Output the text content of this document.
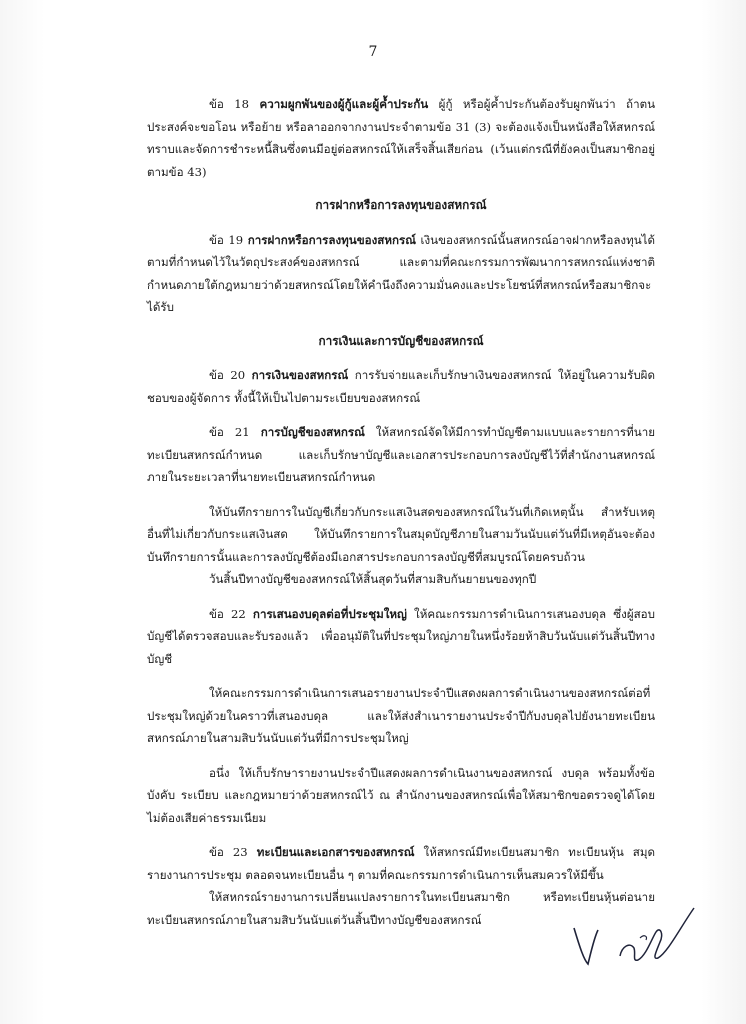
7

ข้อ 18 ความผูกพันของผู้กู้และผู้ค้ำประกัน ผู้กู้ หรือผู้ค้ำประกันต้องรับผูกพันว่า ถ้าตนประสงค์จะขอโอน หรือย้าย หรือลาออกจากงานประจำตามข้อ 31 (3) จะต้องแจ้งเป็นหนังสือให้สหกรณ์ทราบและจัดการชำระหนี้สินซึ่งตนมีอยู่ต่อสหกรณ์ให้เสร็จสิ้นเสียก่อน (เว้นแต่กรณีที่ยังคงเป็นสมาชิกอยู่ตามข้อ 43)

การฝากหรือการลงทุนของสหกรณ์

ข้อ 19 การฝากหรือการลงทุนของสหกรณ์ เงินของสหกรณ์นั้นสหกรณ์อาจฝากหรือลงทุนได้ตามที่กำหนดไว้ในวัตถุประสงค์ของสหกรณ์ และตามที่คณะกรรมการพัฒนาการสหกรณ์แห่งชาติกำหนดภายใต้กฎหมายว่าด้วยสหกรณ์โดยให้คำนึงถึงความมั่นคงและประโยชน์ที่สหกรณ์หรือสมาชิกจะได้รับ

การเงินและการบัญชีของสหกรณ์

ข้อ 20 การเงินของสหกรณ์ การรับจ่ายและเก็บรักษาเงินของสหกรณ์ ให้อยู่ในความรับผิดชอบของผู้จัดการ ทั้งนี้ให้เป็นไปตามระเบียบของสหกรณ์

ข้อ 21 การบัญชีของสหกรณ์ ให้สหกรณ์จัดให้มีการทำบัญชีตามแบบและรายการที่นายทะเบียนสหกรณ์กำหนด และเก็บรักษาบัญชีและเอกสารประกอบการลงบัญชีไว้ที่สำนักงานสหกรณ์ภายในระยะเวลาที่นายทะเบียนสหกรณ์กำหนด

ให้บันทึกรายการในบัญชีเกี่ยวกับกระแสเงินสดของสหกรณ์ในวันที่เกิดเหตุนั้น สำหรับเหตุอื่นที่ไม่เกี่ยวกับกระแสเงินสด ให้บันทึกรายการในสมุดบัญชีภายในสามวันนับแต่วันที่มีเหตุอันจะต้องบันทึกรายการนั้นและการลงบัญชีต้องมีเอกสารประกอบการลงบัญชีที่สมบูรณ์โดยครบถ้วน

วันสิ้นปีทางบัญชีของสหกรณ์ให้สิ้นสุดวันที่สามสิบกันยายนของทุกปี

ข้อ 22 การเสนองบดุลต่อที่ประชุมใหญ่ ให้คณะกรรมการดำเนินการเสนองบดุล ซึ่งผู้สอบบัญชีได้ตรวจสอบและรับรองแล้ว เพื่ออนุมัติในที่ประชุมใหญ่ภายในหนึ่งร้อยห้าสิบวันนับแต่วันสิ้นปีทางบัญชี

ให้คณะกรรมการดำเนินการเสนอรายงานประจำปีแสดงผลการดำเนินงานของสหกรณ์ต่อที่ประชุมใหญ่ด้วยในคราวที่เสนองบดุล และให้ส่งสำเนารายงานประจำปีกับงบดุลไปยังนายทะเบียนสหกรณ์ภายในสามสิบวันนับแต่วันที่มีการประชุมใหญ่

อนึ่ง ให้เก็บรักษารายงานประจำปีแสดงผลการดำเนินงานของสหกรณ์ งบดุล พร้อมทั้งข้อบังคับ ระเบียบ และกฎหมายว่าด้วยสหกรณ์ไว้ ณ สำนักงานของสหกรณ์เพื่อให้สมาชิกขอตรวจดูได้โดยไม่ต้องเสียค่าธรรมเนียม

ข้อ 23 ทะเบียนและเอกสารของสหกรณ์ ให้สหกรณ์มีทะเบียนสมาชิก ทะเบียนหุ้น สมุดรายงานการประชุม ตลอดจนทะเบียนอื่น ๆ ตามที่คณะกรรมการดำเนินการเห็นสมควรให้มีขึ้น

ให้สหกรณ์รายงานการเปลี่ยนแปลงรายการในทะเบียนสมาชิก หรือทะเบียนหุ้นต่อนายทะเบียนสหกรณ์ภายในสามสิบวันนับแต่วันสิ้นปีทางบัญชีของสหกรณ์
